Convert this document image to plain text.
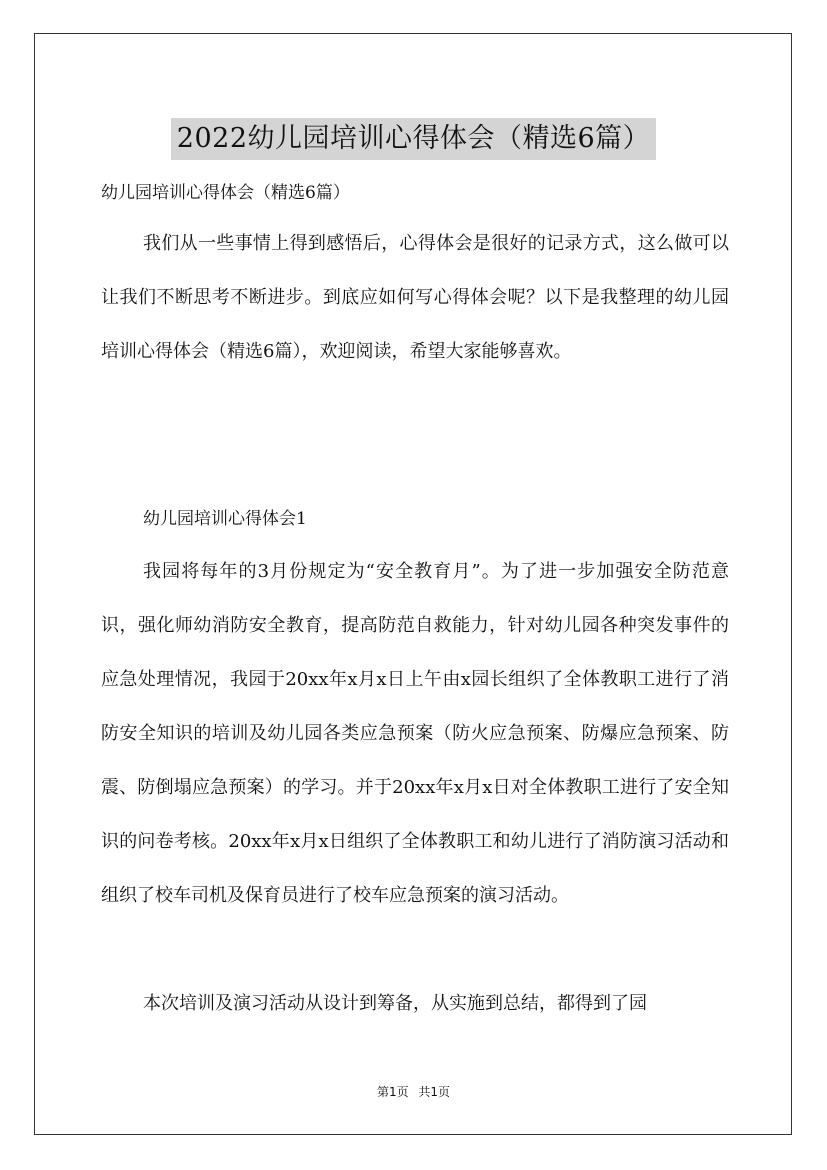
2022幼儿园培训心得体会（精选6篇）
幼儿园培训心得体会（精选6篇）

我们从一些事情上得到感悟后，心得体会是很好的记录方式，这么做可以让我们不断思考不断进步。到底应如何写心得体会呢？以下是我整理的幼儿园培训心得体会（精选6篇），欢迎阅读，希望大家能够喜欢。

幼儿园培训心得体会1

我园将每年的3月份规定为“安全教育月”。为了进一步加强安全防范意识，强化师幼消防安全教育，提高防范自救能力，针对幼儿园各种突发事件的应急处理情况，我园于20xx年x月x日上午由x园长组织了全体教职工进行了消防安全知识的培训及幼儿园各类应急预案（防火应急预案、防爆应急预案、防震、防倒塌应急预案）的学习。并于20xx年x月x日对全体教职工进行了安全知识的问卷考核。20xx年x月x日组织了全体教职工和幼儿进行了消防演习活动和组织了校车司机及保育员进行了校车应急预案的演习活动。

本次培训及演习活动从设计到筹备，从实施到总结，都得到了园

第1页 共1页
